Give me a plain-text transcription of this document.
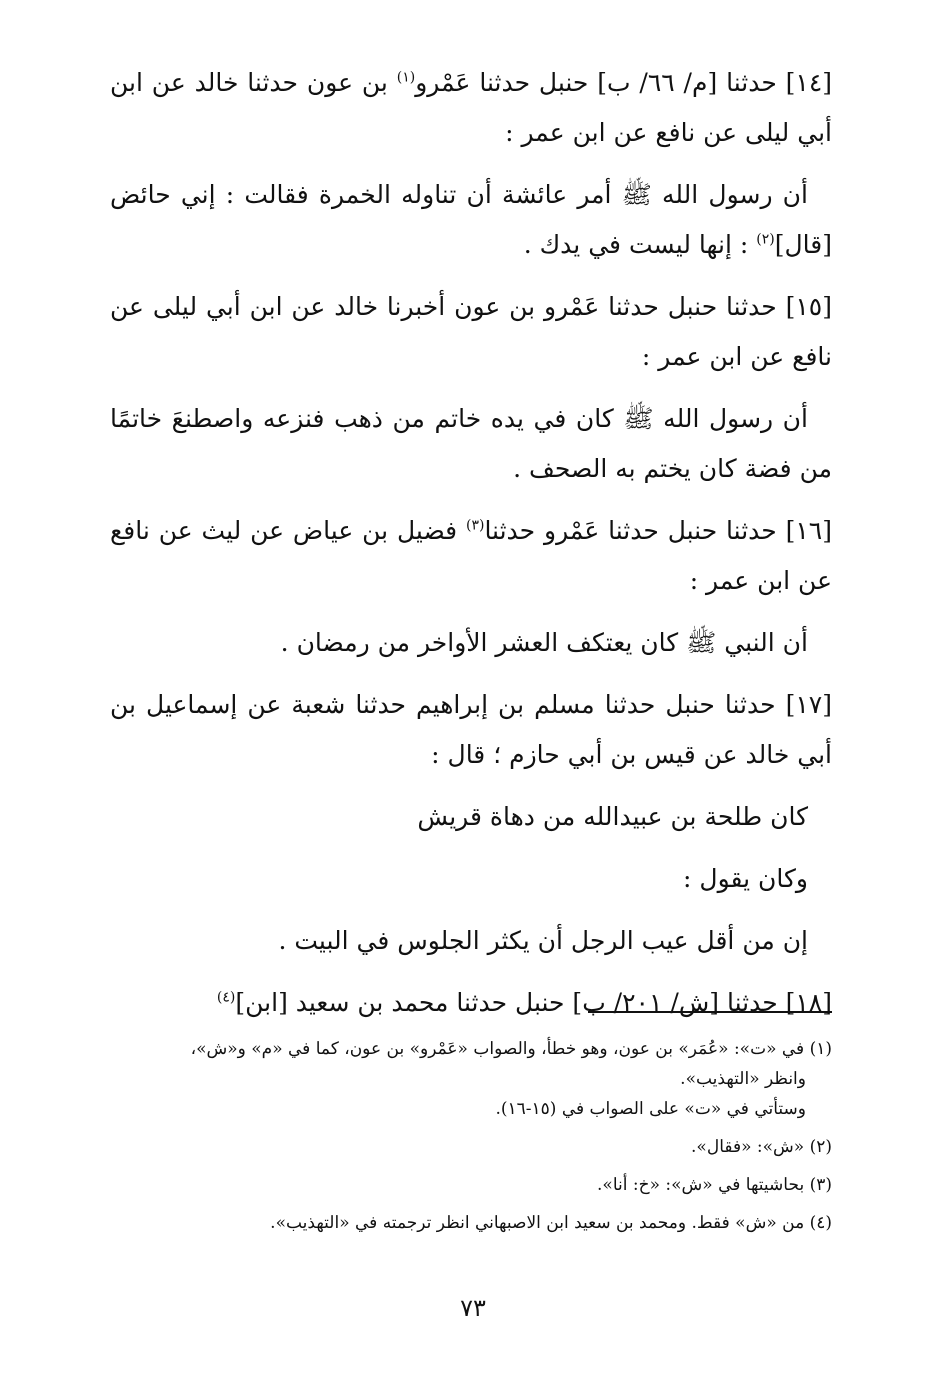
[١٤] حدثنا [م/ ٦٦/ ب] حنبل حدثنا عَمْرو$^{(١)}$ بن عون حدثنا خالد عن ابن أبي ليلى عن نافع عن ابن عمر :

أن رسول الله ﷺ أمر عائشة أن تناوله الخمرة فقالت : إني حائض [قال]$^{(٢)}$ : إنها ليست في يدك .

[١٥] حدثنا حنبل حدثنا عَمْرو بن عون أخبرنا خالد عن ابن أبي ليلى عن نافع عن ابن عمر :

أن رسول الله ﷺ كان في يده خاتم من ذهب فنزعه واصطنعَ خاتمًا من فضة كان يختم به الصحف .

[١٦] حدثنا حنبل حدثنا عَمْرو حدثنا$^{(٣)}$ فضيل بن عياض عن ليث عن نافع عن ابن عمر :

أن النبي ﷺ كان يعتكف العشر الأواخر من رمضان .

[١٧] حدثنا حنبل حدثنا مسلم بن إبراهيم حدثنا شعبة عن إسماعيل بن أبي خالد عن قيس بن أبي حازم ؛ قال :

كان طلحة بن عبيدالله من دهاة قريش

وكان يقول :

إن من أقل عيب الرجل أن يكثر الجلوس في البيت .

[١٨] حدثنا [ش/ ٢٠١/ ب] حنبل حدثنا محمد بن سعيد [ابن]$^{(٤)}$

(١) في «ت»: «عُمَر» بن عون، وهو خطأ، والصواب «عَمْرو» بن عون، كما في «م» و«ش»،
وانظر «التهذيب».
وستأتي في «ت» على الصواب في (١٥-١٦).
(٢) «ش»: «فقال».
(٣) بحاشيتها في «ش»: «خ: أنا».
(٤) من «ش» فقط. ومحمد بن سعيد ابن الاصبهاني انظر ترجمته في «التهذيب».
٧٣
